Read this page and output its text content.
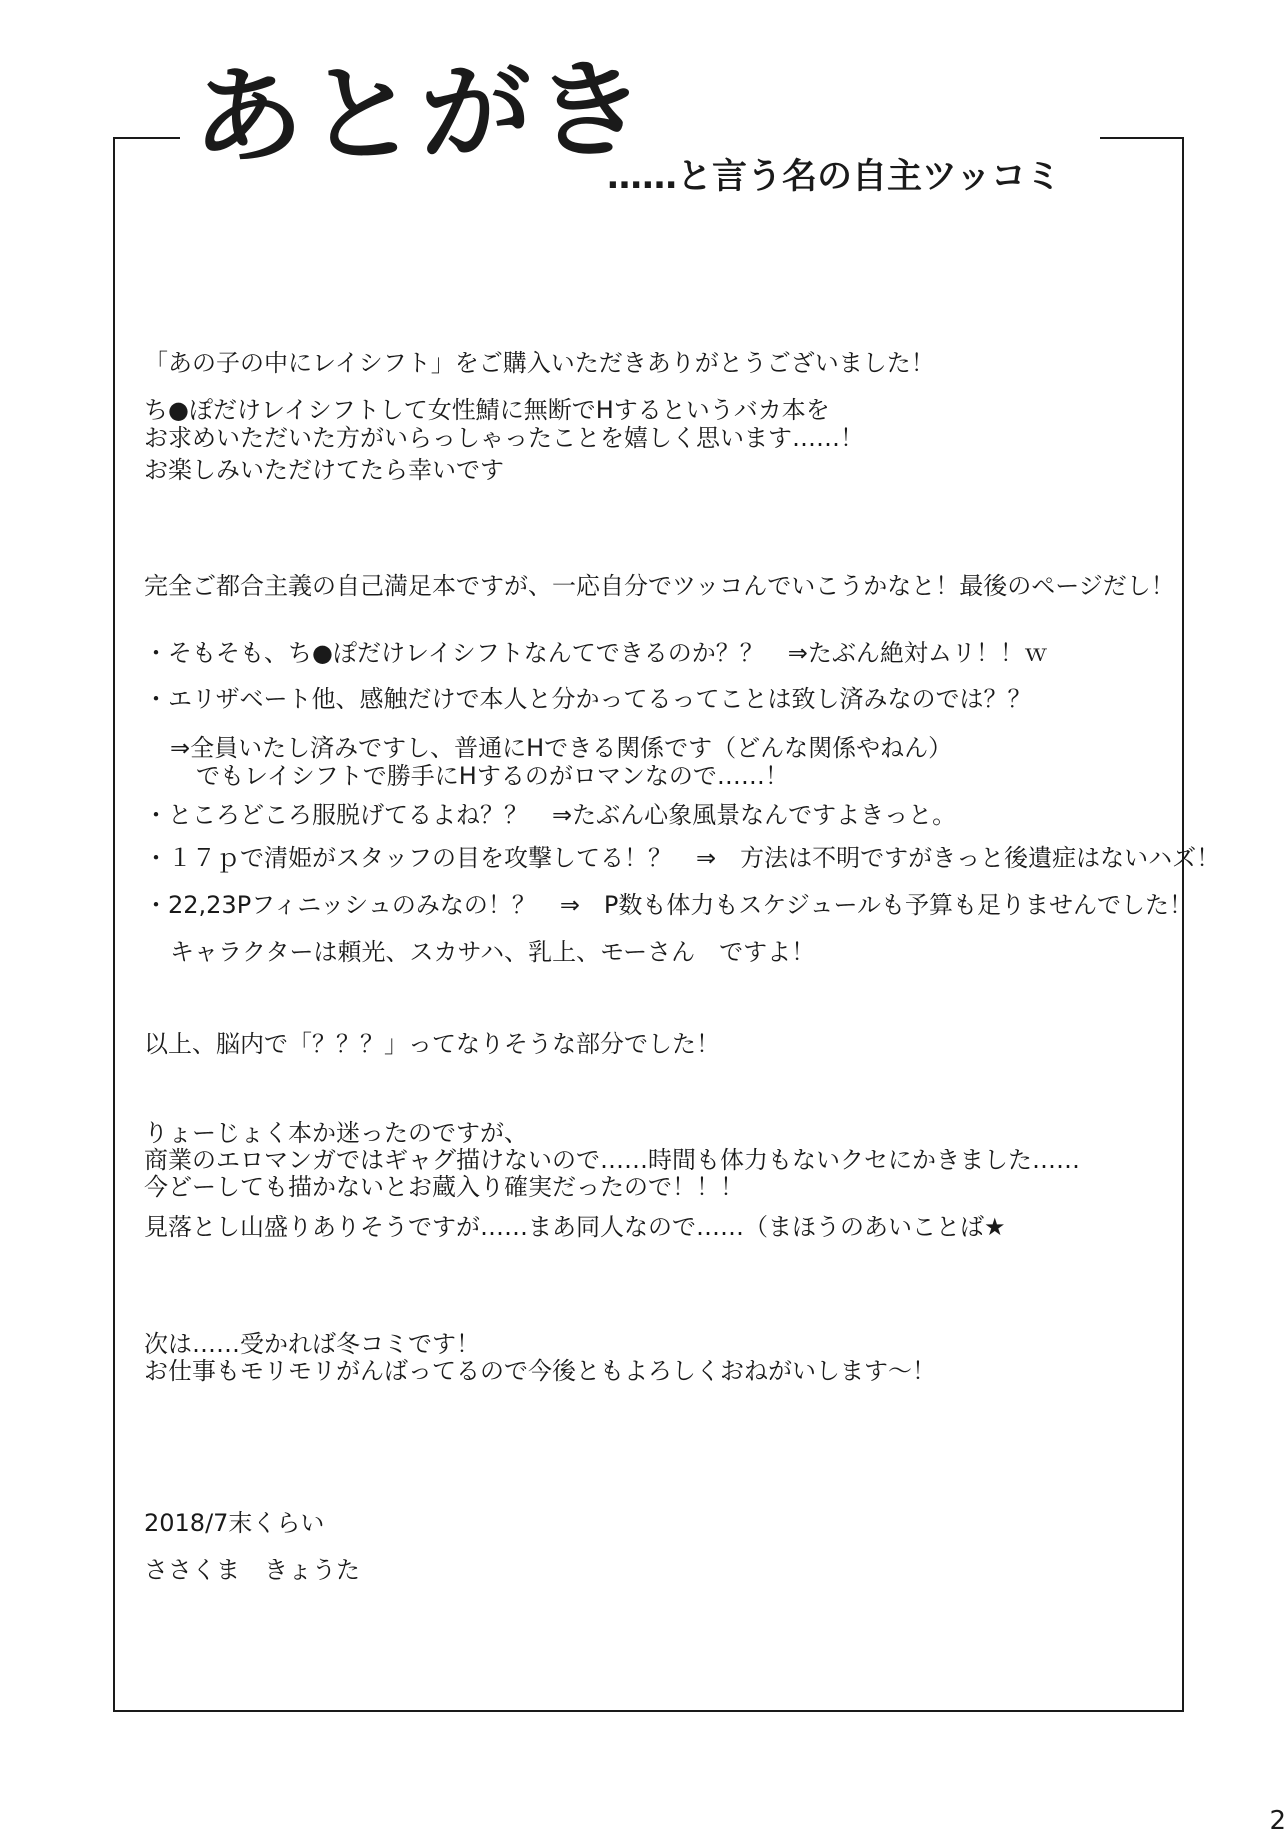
あとがき
……と言う名の自主ツッコミ
「あの子の中にレイシフト」をご購入いただきありがとうございました！
ち●ぽだけレイシフトして女性鯖に無断でHするというバカ本を
お求めいただいた方がいらっしゃったことを嬉しく思います……！
お楽しみいただけてたら幸いです
完全ご都合主義の自己満足本ですが、一応自分でツッコんでいこうかなと！最後のページだし！
・そもそも、ち●ぽだけレイシフトなんてできるのか？？　⇒たぶん絶対ムリ！！ｗ
・エリザベート他、感触だけで本人と分かってるってことは致し済みなのでは？？
⇒全員いたし済みですし、普通にHできる関係です（どんな関係やねん）
でもレイシフトで勝手にHするのがロマンなので……！
・ところどころ服脱げてるよね？？　⇒たぶん心象風景なんですよきっと。
・１７ｐで清姫がスタッフの目を攻撃してる！？　⇒　方法は不明ですがきっと後遺症はないハズ！
・22,23Pフィニッシュのみなの！？　⇒　P数も体力もスケジュールも予算も足りませんでした！
キャラクターは頼光、スカサハ、乳上、モーさん　ですよ！
以上、脳内で「？？？」ってなりそうな部分でした！
りょーじょく本か迷ったのですが、
商業のエロマンガではギャグ描けないので……時間も体力もないクセにかきました……
今どーしても描かないとお蔵入り確実だったので！！！
見落とし山盛りありそうですが……まあ同人なので……（まほうのあいことば★
次は……受かれば冬コミです！
お仕事もモリモリがんばってるので今後ともよろしくおねがいします～！
2018/7末くらい
ささくま　きょうた
2
